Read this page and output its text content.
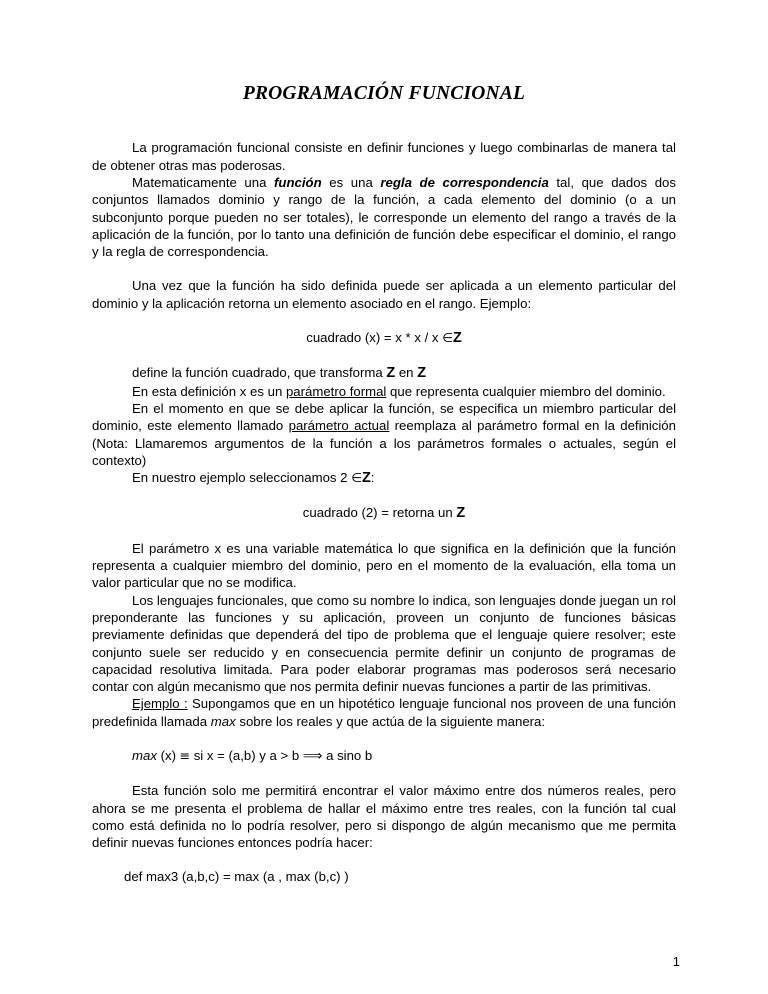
PROGRAMACIÓN FUNCIONAL

La programación funcional consiste en definir funciones y luego combinarlas de manera tal de obtener otras mas poderosas.

Matematicamente una función es una regla de correspondencia tal, que dados dos conjuntos llamados dominio y rango de la función, a cada elemento del dominio (o a un subconjunto porque pueden no ser totales), le corresponde un elemento del rango a través de la aplicación de la función, por lo tanto una definición de función debe especificar el dominio, el rango y la regla de correspondencia.

Una vez que la función ha sido definida puede ser aplicada a un elemento particular del dominio y la aplicación retorna un elemento asociado en el rango. Ejemplo:

cuadrado (x) = x * x / x ∈Z

define la función cuadrado, que transforma Z en Z

En esta definición x es un parámetro formal que representa cualquier miembro del dominio.

En el momento en que se debe aplicar la función, se especifica un miembro particular del dominio, este elemento llamado parámetro actual reemplaza al parámetro formal en la definición (Nota: Llamaremos argumentos de la función a los parámetros formales o actuales, según el contexto)

En nuestro ejemplo seleccionamos 2 ∈Z:

cuadrado (2) = retorna un Z

El parámetro x es una variable matemática lo que significa en la definición que la función representa a cualquier miembro del dominio, pero en el momento de la evaluación, ella toma un valor particular que no se modifica.

Los lenguajes funcionales, que como su nombre lo indica, son lenguajes donde juegan un rol preponderante las funciones y su aplicación, proveen un conjunto de funciones básicas previamente definidas que dependerá del tipo de problema que el lenguaje quiere resolver; este conjunto suele ser reducido y en consecuencia permite definir un conjunto de programas de capacidad resolutiva limitada. Para poder elaborar programas mas poderosos será necesario contar con algún mecanismo que nos permita definir nuevas funciones a partir de las primitivas.

Ejemplo : Supongamos que en un hipotético lenguaje funcional nos proveen de una función predefinida llamada max sobre los reales y que actúa de la siguiente manera:

max (x) ≡ si x = (a,b) y a > b ⟹ a sino b

Esta función solo me permitirá encontrar el valor máximo entre dos números reales, pero ahora se me presenta el problema de hallar el máximo entre tres reales, con la función tal cual como está definida no lo podría resolver, pero si dispongo de algún mecanismo que me permita definir nuevas funciones entonces podría hacer:

def max3 (a,b,c) = max (a , max (b,c) )

1
